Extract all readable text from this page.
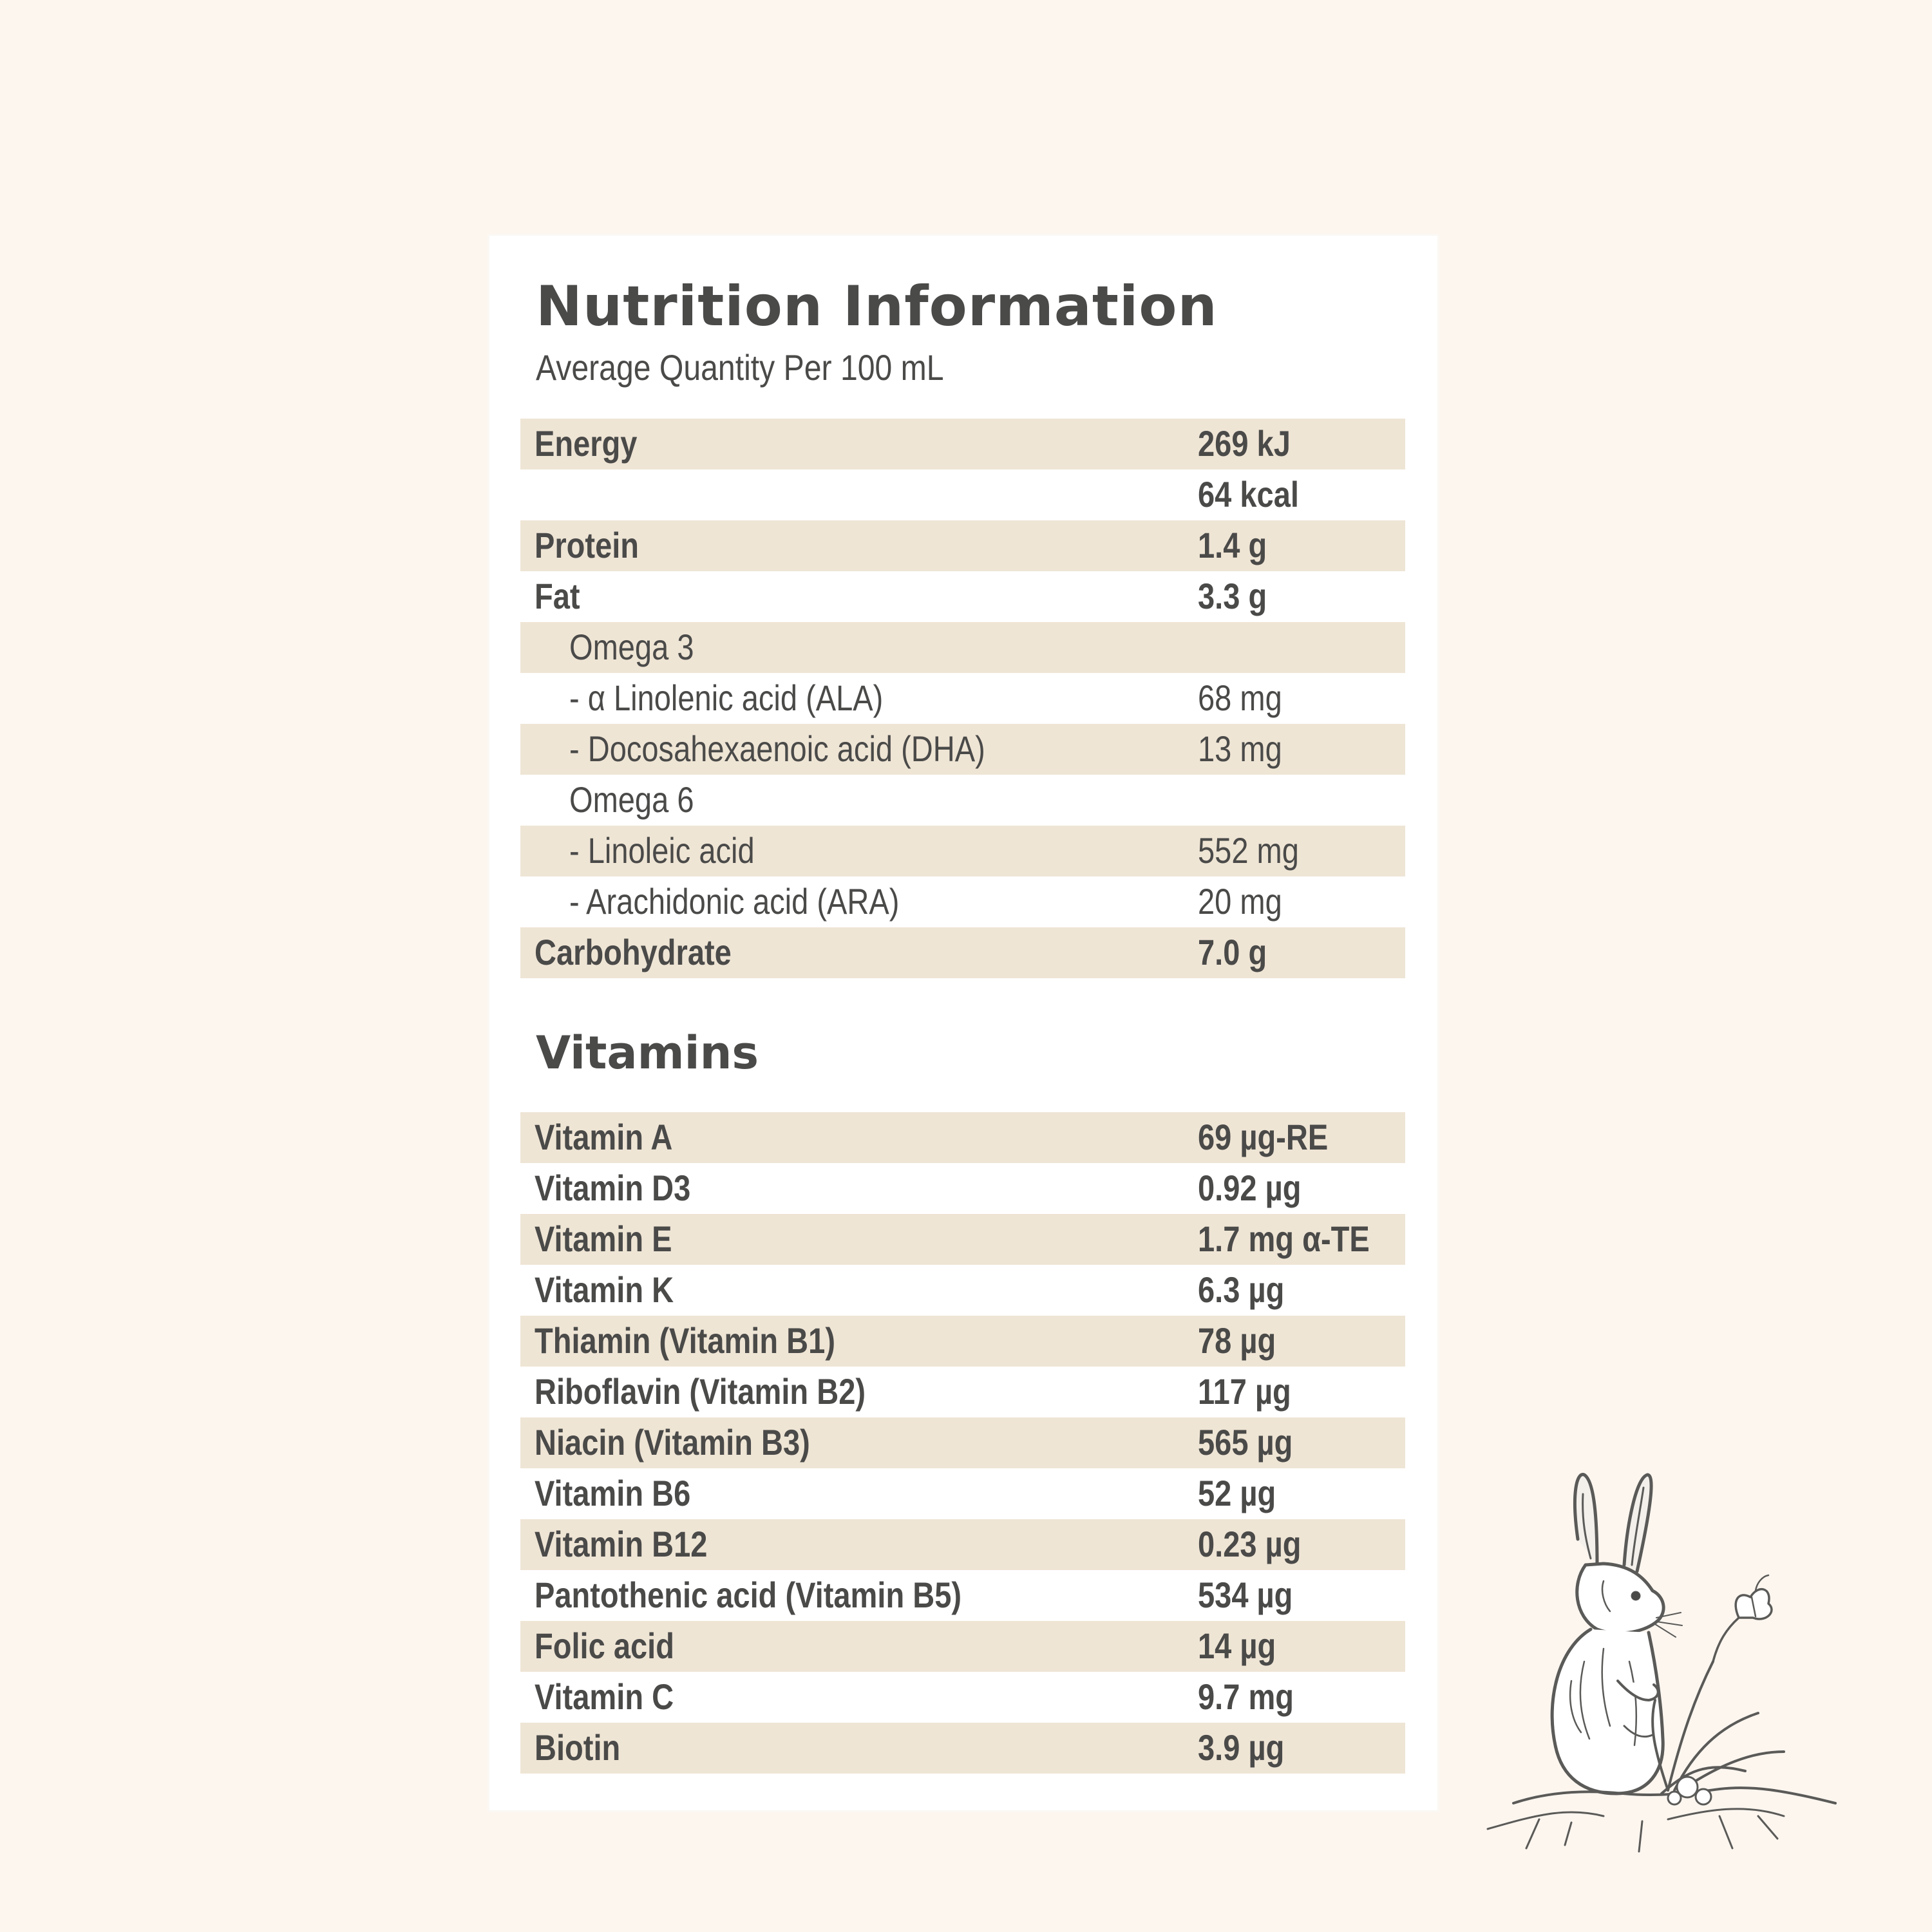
Nutrition Information
Average Quantity Per 100 mL
Energy	269 kJ
64 kcal
Protein	1.4 g
Fat	3.3 g
Omega 3
- α Linolenic acid (ALA)	68 mg
- Docosahexaenoic acid (DHA)	13 mg
Omega 6
- Linoleic acid	552 mg
- Arachidonic acid (ARA)	20 mg
Carbohydrate	7.0 g
Vitamins
Vitamin A	69 µg-RE
Vitamin D3	0.92 µg
Vitamin E	1.7 mg α-TE
Vitamin K	6.3 µg
Thiamin (Vitamin B1)	78 µg
Riboflavin (Vitamin B2)	117 µg
Niacin (Vitamin B3)	565 µg
Vitamin B6	52 µg
Vitamin B12	0.23 µg
Pantothenic acid (Vitamin B5)	534 µg
Folic acid	14 µg
Vitamin C	9.7 mg
Biotin	3.9 µg
